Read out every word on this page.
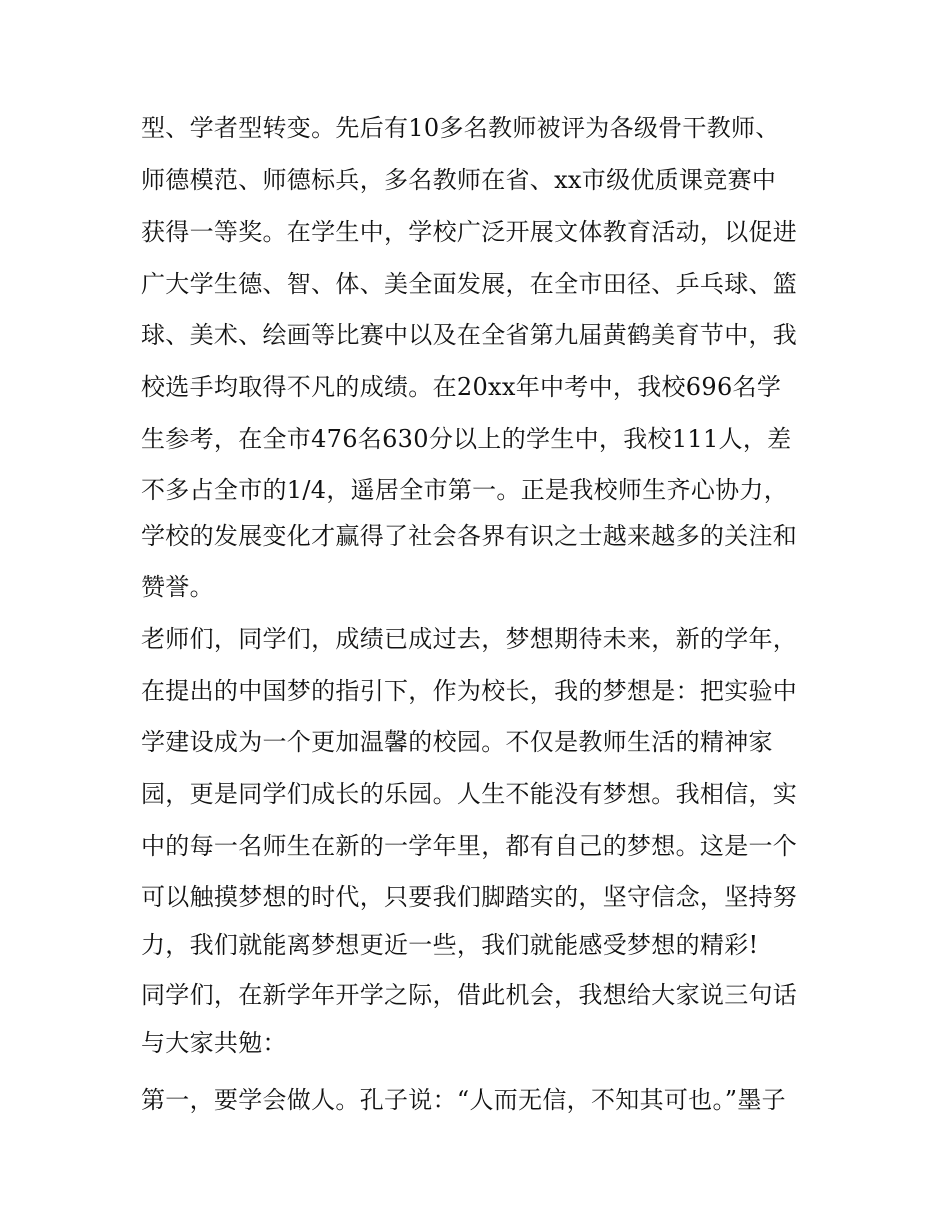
型、学者型转变。先后有10多名教师被评为各级骨干教师、
师德模范、师德标兵，多名教师在省、xx市级优质课竞赛中
获得一等奖。在学生中，学校广泛开展文体教育活动，以促进
广大学生德、智、体、美全面发展，在全市田径、乒乓球、篮
球、美术、绘画等比赛中以及在全省第九届黄鹤美育节中，我
校选手均取得不凡的成绩。在20xx年中考中，我校696名学
生参考，在全市476名630分以上的学生中，我校111人，差
不多占全市的1/4，遥居全市第一。正是我校师生齐心协力，
学校的发展变化才赢得了社会各界有识之士越来越多的关注和
赞誉。
老师们，同学们，成绩已成过去，梦想期待未来，新的学年，
在提出的中国梦的指引下，作为校长，我的梦想是：把实验中
学建设成为一个更加温馨的校园。不仅是教师生活的精神家
园，更是同学们成长的乐园。人生不能没有梦想。我相信，实
中的每一名师生在新的一学年里，都有自己的梦想。这是一个
可以触摸梦想的时代，只要我们脚踏实的，坚守信念，坚持努
力，我们就能离梦想更近一些，我们就能感受梦想的精彩!
同学们，在新学年开学之际，借此机会，我想给大家说三句话
与大家共勉：
第一，要学会做人。孔子说：“人而无信，不知其可也。”墨子
